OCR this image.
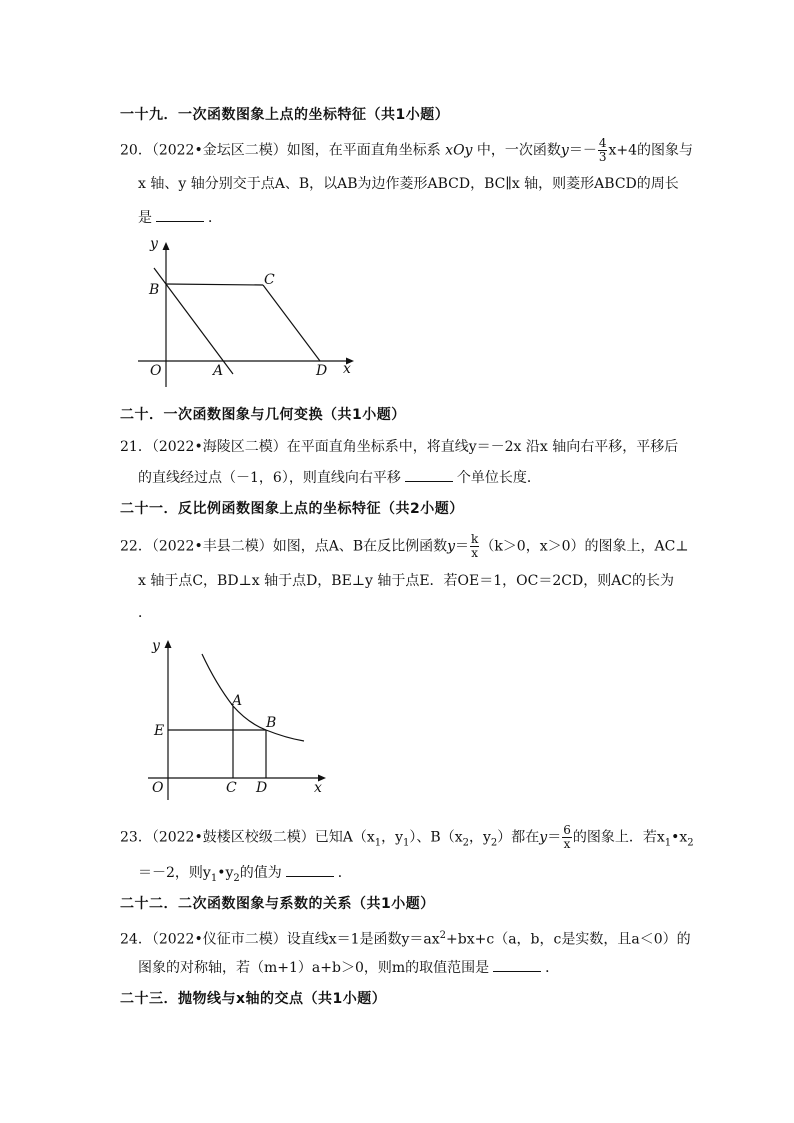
一十九．一次函数图象上点的坐标特征（共1小题）
20．（2022•金坛区二模）如图，在平面直角坐标系 xOy 中，一次函数$y=- \frac{4}{3} x+4$的图象与
x 轴、y 轴分别交于点A、B，以AB为边作菱形ABCD，BC∥x 轴，则菱形ABCD的周长
是	．
y
B
C
O	A	D x
二十．一次函数图象与几何变换（共1小题）
21．（2022•海陵区二模）在平面直角坐标系中，将直线y＝－2x 沿x 轴向右平移，平移后
的直线经过点（－1，6），则直线向右平移	个单位长度．
二十一．反比例函数图象上点的坐标特征（共2小题）
22．（2022•丰县二模）如图，点A、B在反比例函数$y= \frac{k}{x} (k>0$，x＞0）的图象上，AC⊥
x 轴于点C，BD⊥x 轴于点D，BE⊥y 轴于点E．若OE＝1，OC＝2CD，则AC的长为
．
y
A
B
E
O	C D	x
23．（2022•鼓楼区校级二模）已知$A(x_1$，$y_1$）、$B(x_2$，$y_2$）都在$y= \frac{6}{x}$ 的图象上．若$x_1•x_2$
＝－2，则$y_1•y_2$的值为	．
二十二．二次函数图象与系数的关系（共1小题）
24．（2022•仪征市二模）设直线x＝1是函数$y=ax^2+bx+c(a$，b，c是实数，且a＜0）的
图象的对称轴，若（m+1）a+b＞0，则m的取值范围是	．
二十三．抛物线与x轴的交点（共1小题）
